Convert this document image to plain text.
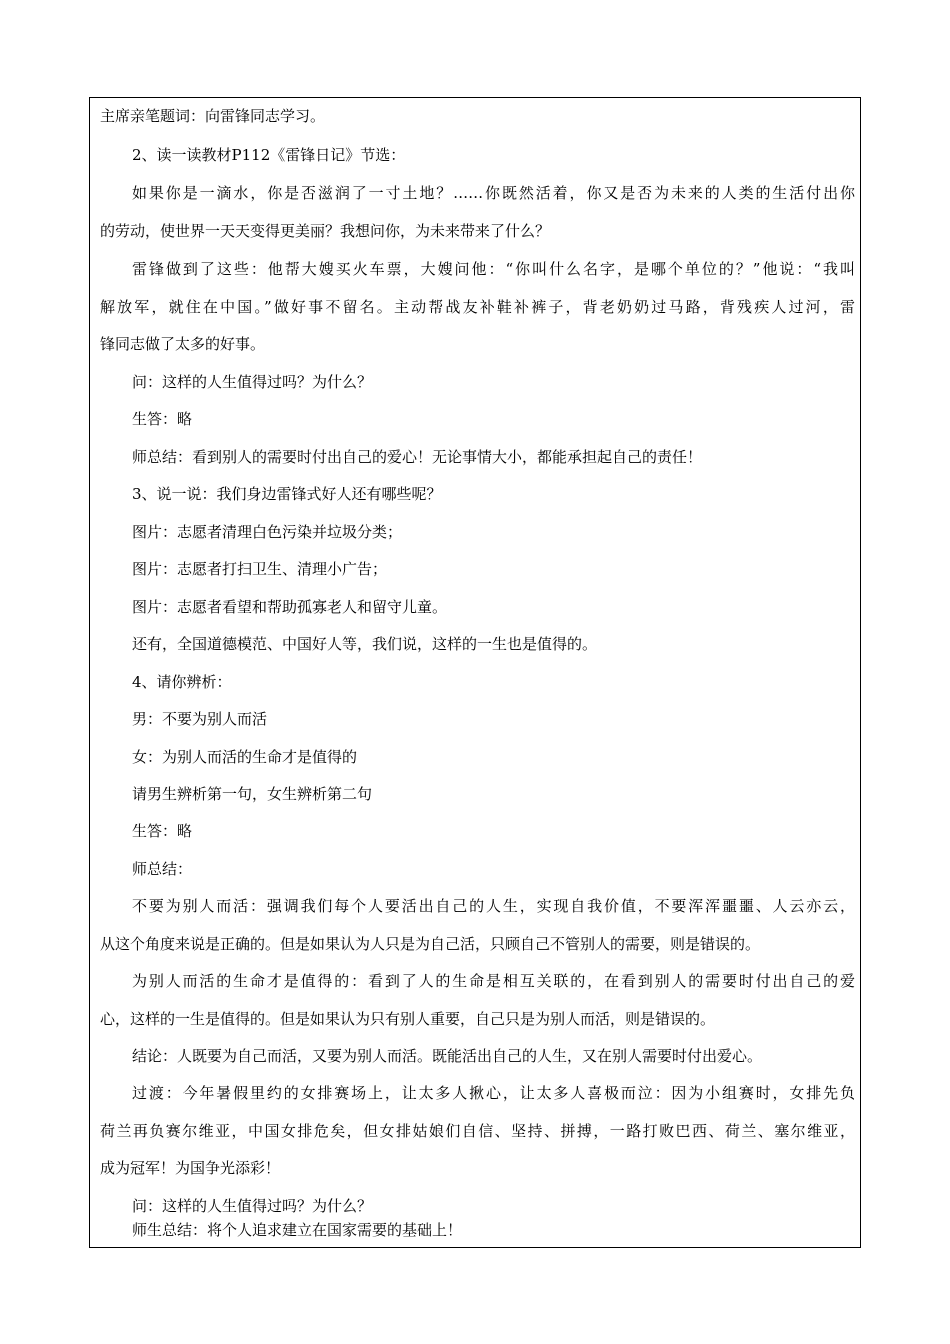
主席亲笔题词：向雷锋同志学习。
2、读一读教材P112《雷锋日记》节选：
如果你是一滴水，你是否滋润了一寸土地？……你既然活着，你又是否为未来的人类的生活付出你
的劳动，使世界一天天变得更美丽？我想问你，为未来带来了什么？
雷锋做到了这些：他帮大嫂买火车票，大嫂问他：“你叫什么名字，是哪个单位的？”他说：“我叫
解放军，就住在中国。”做好事不留名。主动帮战友补鞋补裤子，背老奶奶过马路，背残疾人过河，雷
锋同志做了太多的好事。
问：这样的人生值得过吗？为什么？
生答：略
师总结：看到别人的需要时付出自己的爱心！无论事情大小，都能承担起自己的责任！
3、说一说：我们身边雷锋式好人还有哪些呢？
图片：志愿者清理白色污染并垃圾分类；
图片：志愿者打扫卫生、清理小广告；
图片：志愿者看望和帮助孤寡老人和留守儿童。
还有，全国道德模范、中国好人等，我们说，这样的一生也是值得的。
4、请你辨析：
男：不要为别人而活
女：为别人而活的生命才是值得的
请男生辨析第一句，女生辨析第二句
生答：略
师总结：
不要为别人而活：强调我们每个人要活出自己的人生，实现自我价值，不要浑浑噩噩、人云亦云，
从这个角度来说是正确的。但是如果认为人只是为自己活，只顾自己不管别人的需要，则是错误的。
为别人而活的生命才是值得的：看到了人的生命是相互关联的，在看到别人的需要时付出自己的爱
心，这样的一生是值得的。但是如果认为只有别人重要，自己只是为别人而活，则是错误的。
结论：人既要为自己而活，又要为别人而活。既能活出自己的人生，又在别人需要时付出爱心。
过渡：今年暑假里约的女排赛场上，让太多人揪心，让太多人喜极而泣：因为小组赛时，女排先负
荷兰再负赛尔维亚，中国女排危矣，但女排姑娘们自信、坚持、拼搏，一路打败巴西、荷兰、塞尔维亚，
成为冠军！为国争光添彩！
问：这样的人生值得过吗？为什么？
师生总结：将个人追求建立在国家需要的基础上！
